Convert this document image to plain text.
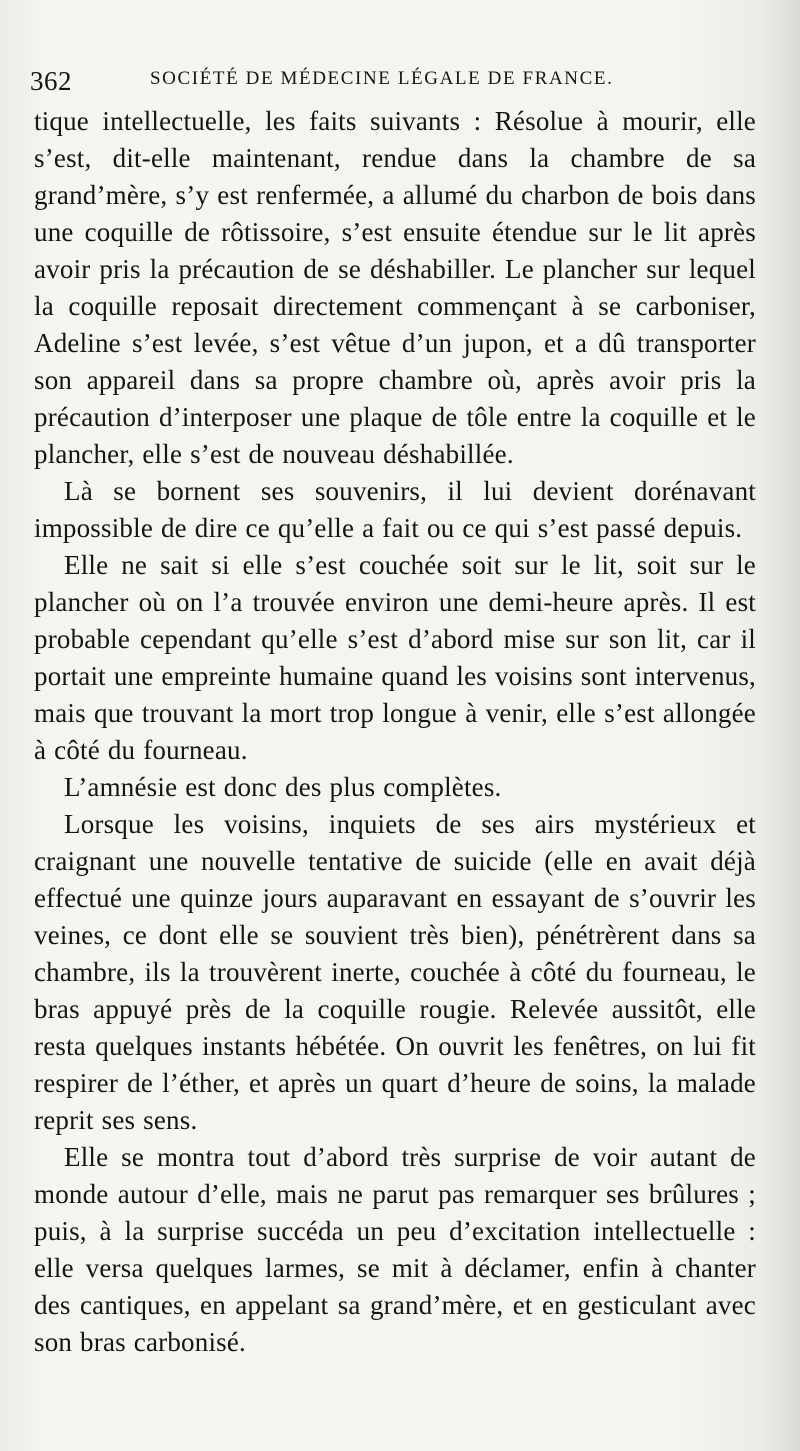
362	SOCIÉTÉ DE MÉDECINE LÉGALE DE FRANCE.

tique intellectuelle, les faits suivants : Résolue à mourir, elle s’est, dit-elle maintenant, rendue dans la chambre de sa grand’mère, s’y est renfermée, a allumé du charbon de bois dans une coquille de rôtissoire, s’est ensuite étendue sur le lit après avoir pris la précaution de se déshabiller. Le plancher sur lequel la coquille reposait directement commençant à se carboniser, Adeline s’est levée, s’est vêtue d’un jupon, et a dû transporter son appareil dans sa propre chambre où, après avoir pris la précaution d’interposer une plaque de tôle entre la coquille et le plancher, elle s’est de nouveau déshabillée.

Là se bornent ses souvenirs, il lui devient dorénavant impossible de dire ce qu’elle a fait ou ce qui s’est passé depuis.

Elle ne sait si elle s’est couchée soit sur le lit, soit sur le plancher où on l’a trouvée environ une demi-heure après. Il est probable cependant qu’elle s’est d’abord mise sur son lit, car il portait une empreinte humaine quand les voisins sont intervenus, mais que trouvant la mort trop longue à venir, elle s’est allongée à côté du fourneau.

L’amnésie est donc des plus complètes.

Lorsque les voisins, inquiets de ses airs mystérieux et craignant une nouvelle tentative de suicide (elle en avait déjà effectué une quinze jours auparavant en essayant de s’ouvrir les veines, ce dont elle se souvient très bien), pénétrèrent dans sa chambre, ils la trouvèrent inerte, couchée à côté du fourneau, le bras appuyé près de la coquille rougie. Relevée aussitôt, elle resta quelques instants hébétée. On ouvrit les fenêtres, on lui fit respirer de l’éther, et après un quart d’heure de soins, la malade reprit ses sens.

Elle se montra tout d’abord très surprise de voir autant de monde autour d’elle, mais ne parut pas remarquer ses brûlures ; puis, à la surprise succéda un peu d’excitation intellectuelle : elle versa quelques larmes, se mit à déclamer, enfin à chanter des cantiques, en appelant sa grand’mère, et en gesticulant avec son bras carbonisé.
